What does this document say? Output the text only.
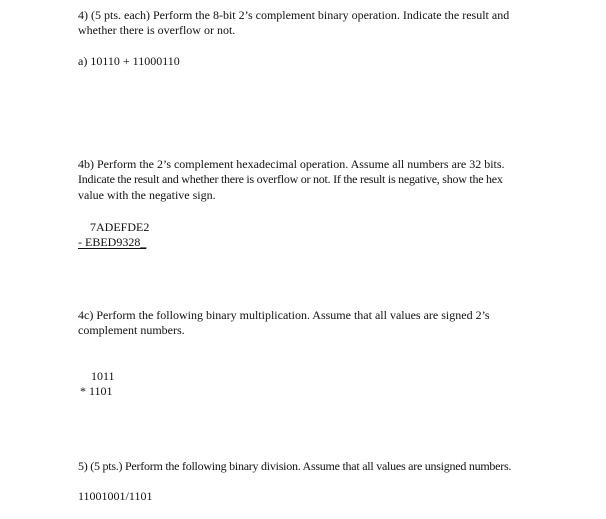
4) (5 pts. each) Perform the 8-bit 2’s complement binary operation. Indicate the result and
whether there is overflow or not.
a) 10110 + 11000110
4b) Perform the 2’s complement hexadecimal operation. Assume all numbers are 32 bits.
Indicate the result and whether there is overflow or not. If the result is negative, show the hex
value with the negative sign.
7ADEFDE2
- EBED9328_
4c) Perform the following binary multiplication. Assume that all values are signed 2’s
complement numbers.
1011
* 1101
5) (5 pts.) Perform the following binary division. Assume that all values are unsigned numbers.
11001001/1101
